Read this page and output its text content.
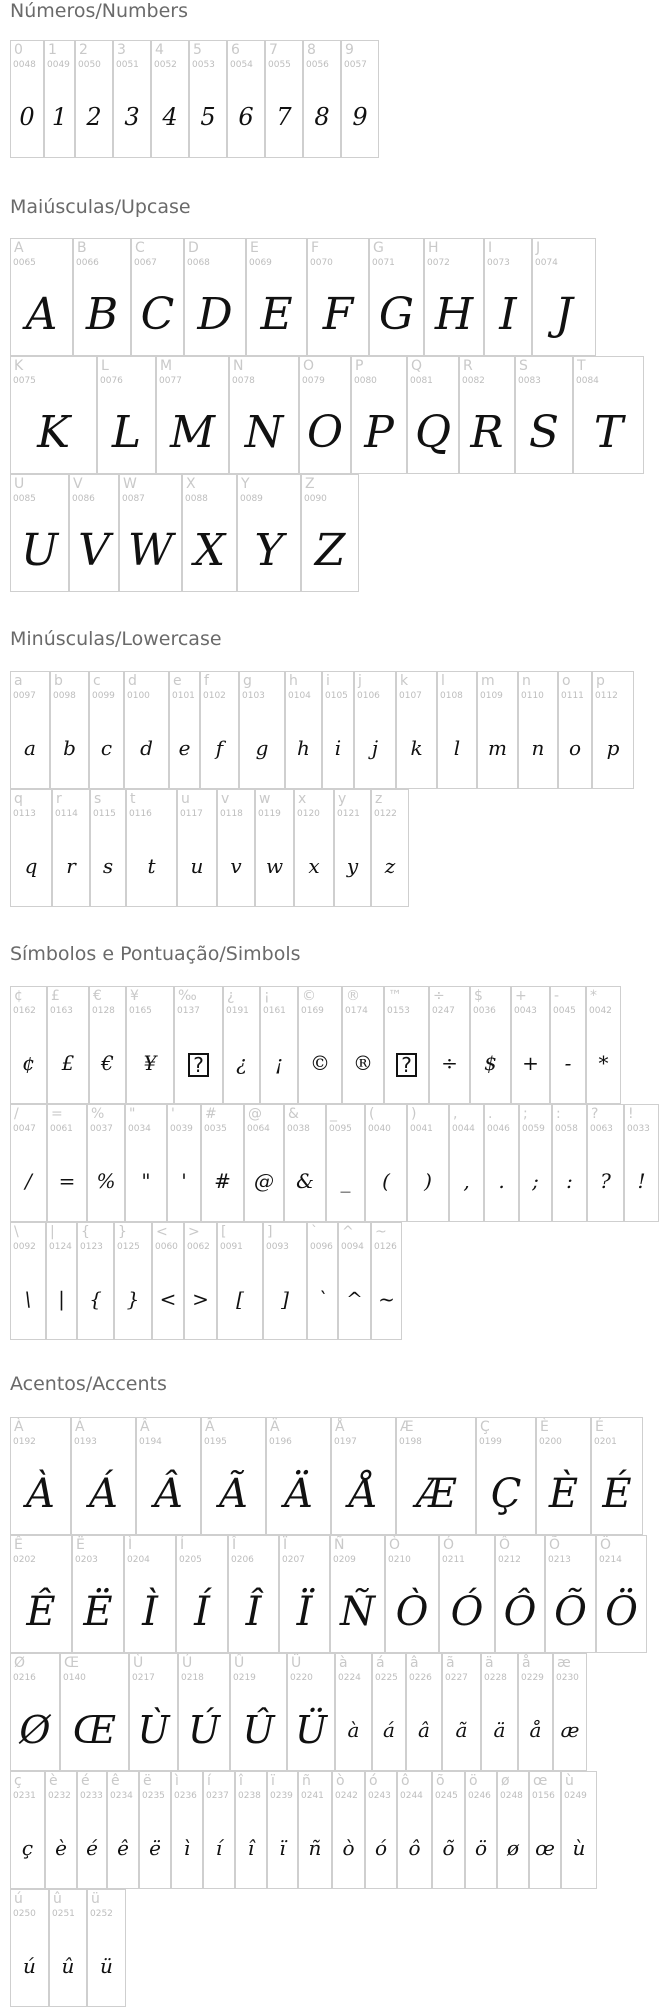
Números/Numbers
0
0048
0
1
0049
1
2
0050
2
3
0051
3
4
0052
4
5
0053
5
6
0054
6
7
0055
7
8
0056
8
9
0057
9
Maiúsculas/Upcase
A
0065
A
B
0066
B
C
0067
C
D
0068
D
E
0069
E
F
0070
F
G
0071
G
H
0072
H
I
0073
I
J
0074
J
K
0075
K
L
0076
L
M
0077
M
N
0078
N
O
0079
O
P
0080
P
Q
0081
Q
R
0082
R
S
0083
S
T
0084
T
U
0085
U
V
0086
V
W
0087
W
X
0088
X
Y
0089
Y
Z
0090
Z
Minúsculas/Lowercase
a
0097
a
b
0098
b
c
0099
c
d
0100
d
e
0101
e
f
0102
f
g
0103
g
h
0104
h
i
0105
i
j
0106
j
k
0107
k
l
0108
l
m
0109
m
n
0110
n
o
0111
o
p
0112
p
q
0113
q
r
0114
r
s
0115
s
t
0116
t
u
0117
u
v
0118
v
w
0119
w
x
0120
x
y
0121
y
z
0122
z
Símbolos e Pontuação/Simbols
¢
0162
¢
£
0163
£
€
0128
€
¥
0165
¥
‰
0137
?
¿
0191
¿
¡
0161
¡
©
0169
©
®
0174
®
™
0153
?
÷
0247
÷
$
0036
$
+
0043
+
-
0045
-
*
0042
*
/
0047
/
=
0061
=
%
0037
%
"
0034
"
'
0039
'
#
0035
#
@
0064
@
&
0038
&
_
0095
_
(
0040
(
)
0041
)
,
0044
,
.
0046
.
;
0059
;
:
0058
:
?
0063
?
!
0033
!
\
0092
\
|
0124
|
{
0123
{
}
0125
}
<
0060
<
>
0062
>
[
0091
[
]
0093
]
`
0096
`
^
0094
^
~
0126
~
Acentos/Accents
À
0192
À
Á
0193
Á
Â
0194
Â
Ã
0195
Ã
Ä
0196
Ä
Å
0197
Å
Æ
0198
Æ
Ç
0199
Ç
È
0200
È
É
0201
É
Ê
0202
Ê
Ë
0203
Ë
Ì
0204
Ì
Í
0205
Í
Î
0206
Î
Ï
0207
Ï
Ñ
0209
Ñ
Ò
0210
Ò
Ó
0211
Ó
Ô
0212
Ô
Õ
0213
Õ
Ö
0214
Ö
Ø
0216
Ø
Œ
0140
Œ
Ù
0217
Ù
Ú
0218
Ú
Û
0219
Û
Ü
0220
Ü
à
0224
à
á
0225
á
â
0226
â
ã
0227
ã
ä
0228
ä
å
0229
å
æ
0230
æ
ç
0231
ç
è
0232
è
é
0233
é
ê
0234
ê
ë
0235
ë
ì
0236
ì
í
0237
í
î
0238
î
ï
0239
ï
ñ
0241
ñ
ò
0242
ò
ó
0243
ó
ô
0244
ô
õ
0245
õ
ö
0246
ö
ø
0248
ø
œ
0156
œ
ù
0249
ù
ú
0250
ú
û
0251
û
ü
0252
ü
